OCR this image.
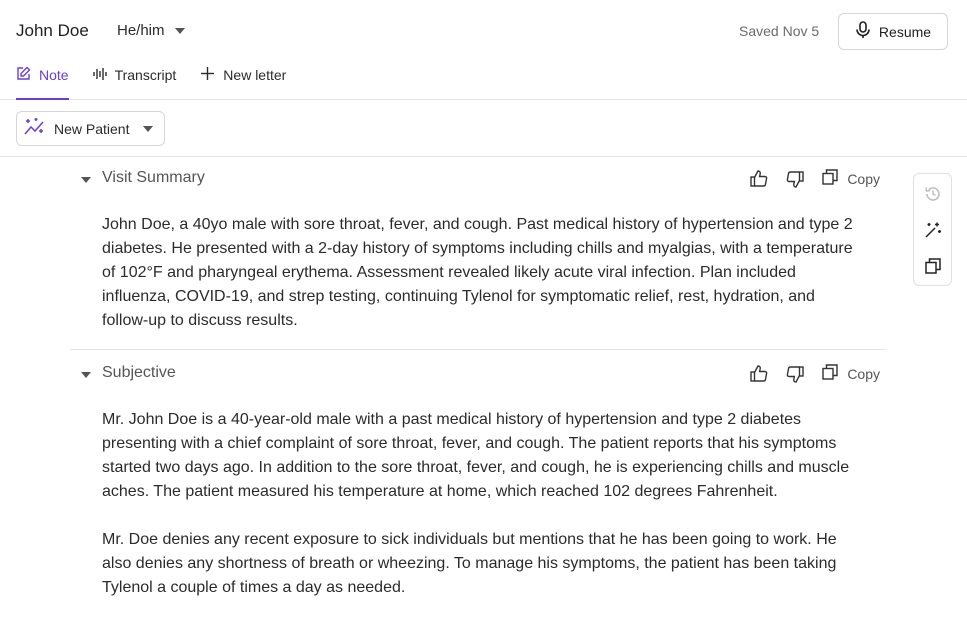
John Doe He/him	Saved Nov 5	Resume
Note	Transcript	New letter
New Patient
Visit Summary	Copy

John Doe, a 40yo male with sore throat, fever, and cough. Past medical history of hypertension and type 2 diabetes. He presented with a 2-day history of symptoms including chills and myalgias, with a temperature of 102°F and pharyngeal erythema. Assessment revealed likely acute viral infection. Plan included influenza, COVID-19, and strep testing, continuing Tylenol for symptomatic relief, rest, hydration, and follow-up to discuss results.

Subjective	Copy

Mr. John Doe is a 40-year-old male with a past medical history of hypertension and type 2 diabetes presenting with a chief complaint of sore throat, fever, and cough. The patient reports that his symptoms started two days ago. In addition to the sore throat, fever, and cough, he is experiencing chills and muscle aches. The patient measured his temperature at home, which reached 102 degrees Fahrenheit.

Mr. Doe denies any recent exposure to sick individuals but mentions that he has been going to work. He also denies any shortness of breath or wheezing. To manage his symptoms, the patient has been taking Tylenol a couple of times a day as needed.
